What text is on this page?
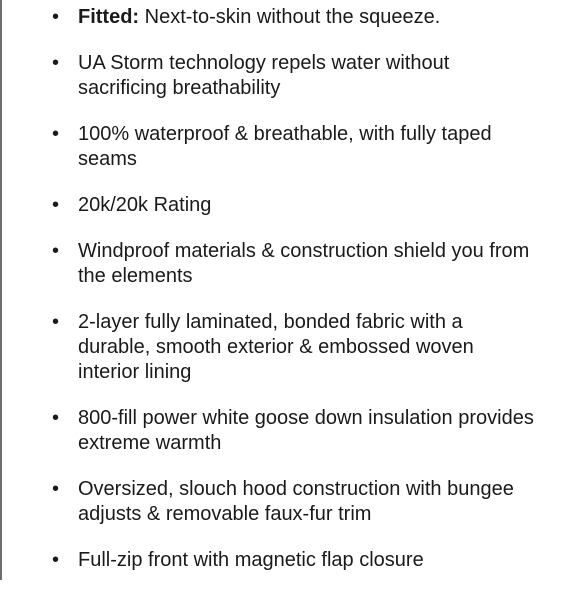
• Fitted: Next-to-skin without the squeeze.
• UA Storm technology repels water without sacrificing breathability
• 100% waterproof & breathable, with fully taped seams
• 20k/20k Rating
• Windproof materials & construction shield you from the elements
• 2-layer fully laminated, bonded fabric with a durable, smooth exterior & embossed woven interior lining
• 800-fill power white goose down insulation provides extreme warmth
• Oversized, slouch hood construction with bungee adjusts & removable faux-fur trim
• Full-zip front with magnetic flap closure
